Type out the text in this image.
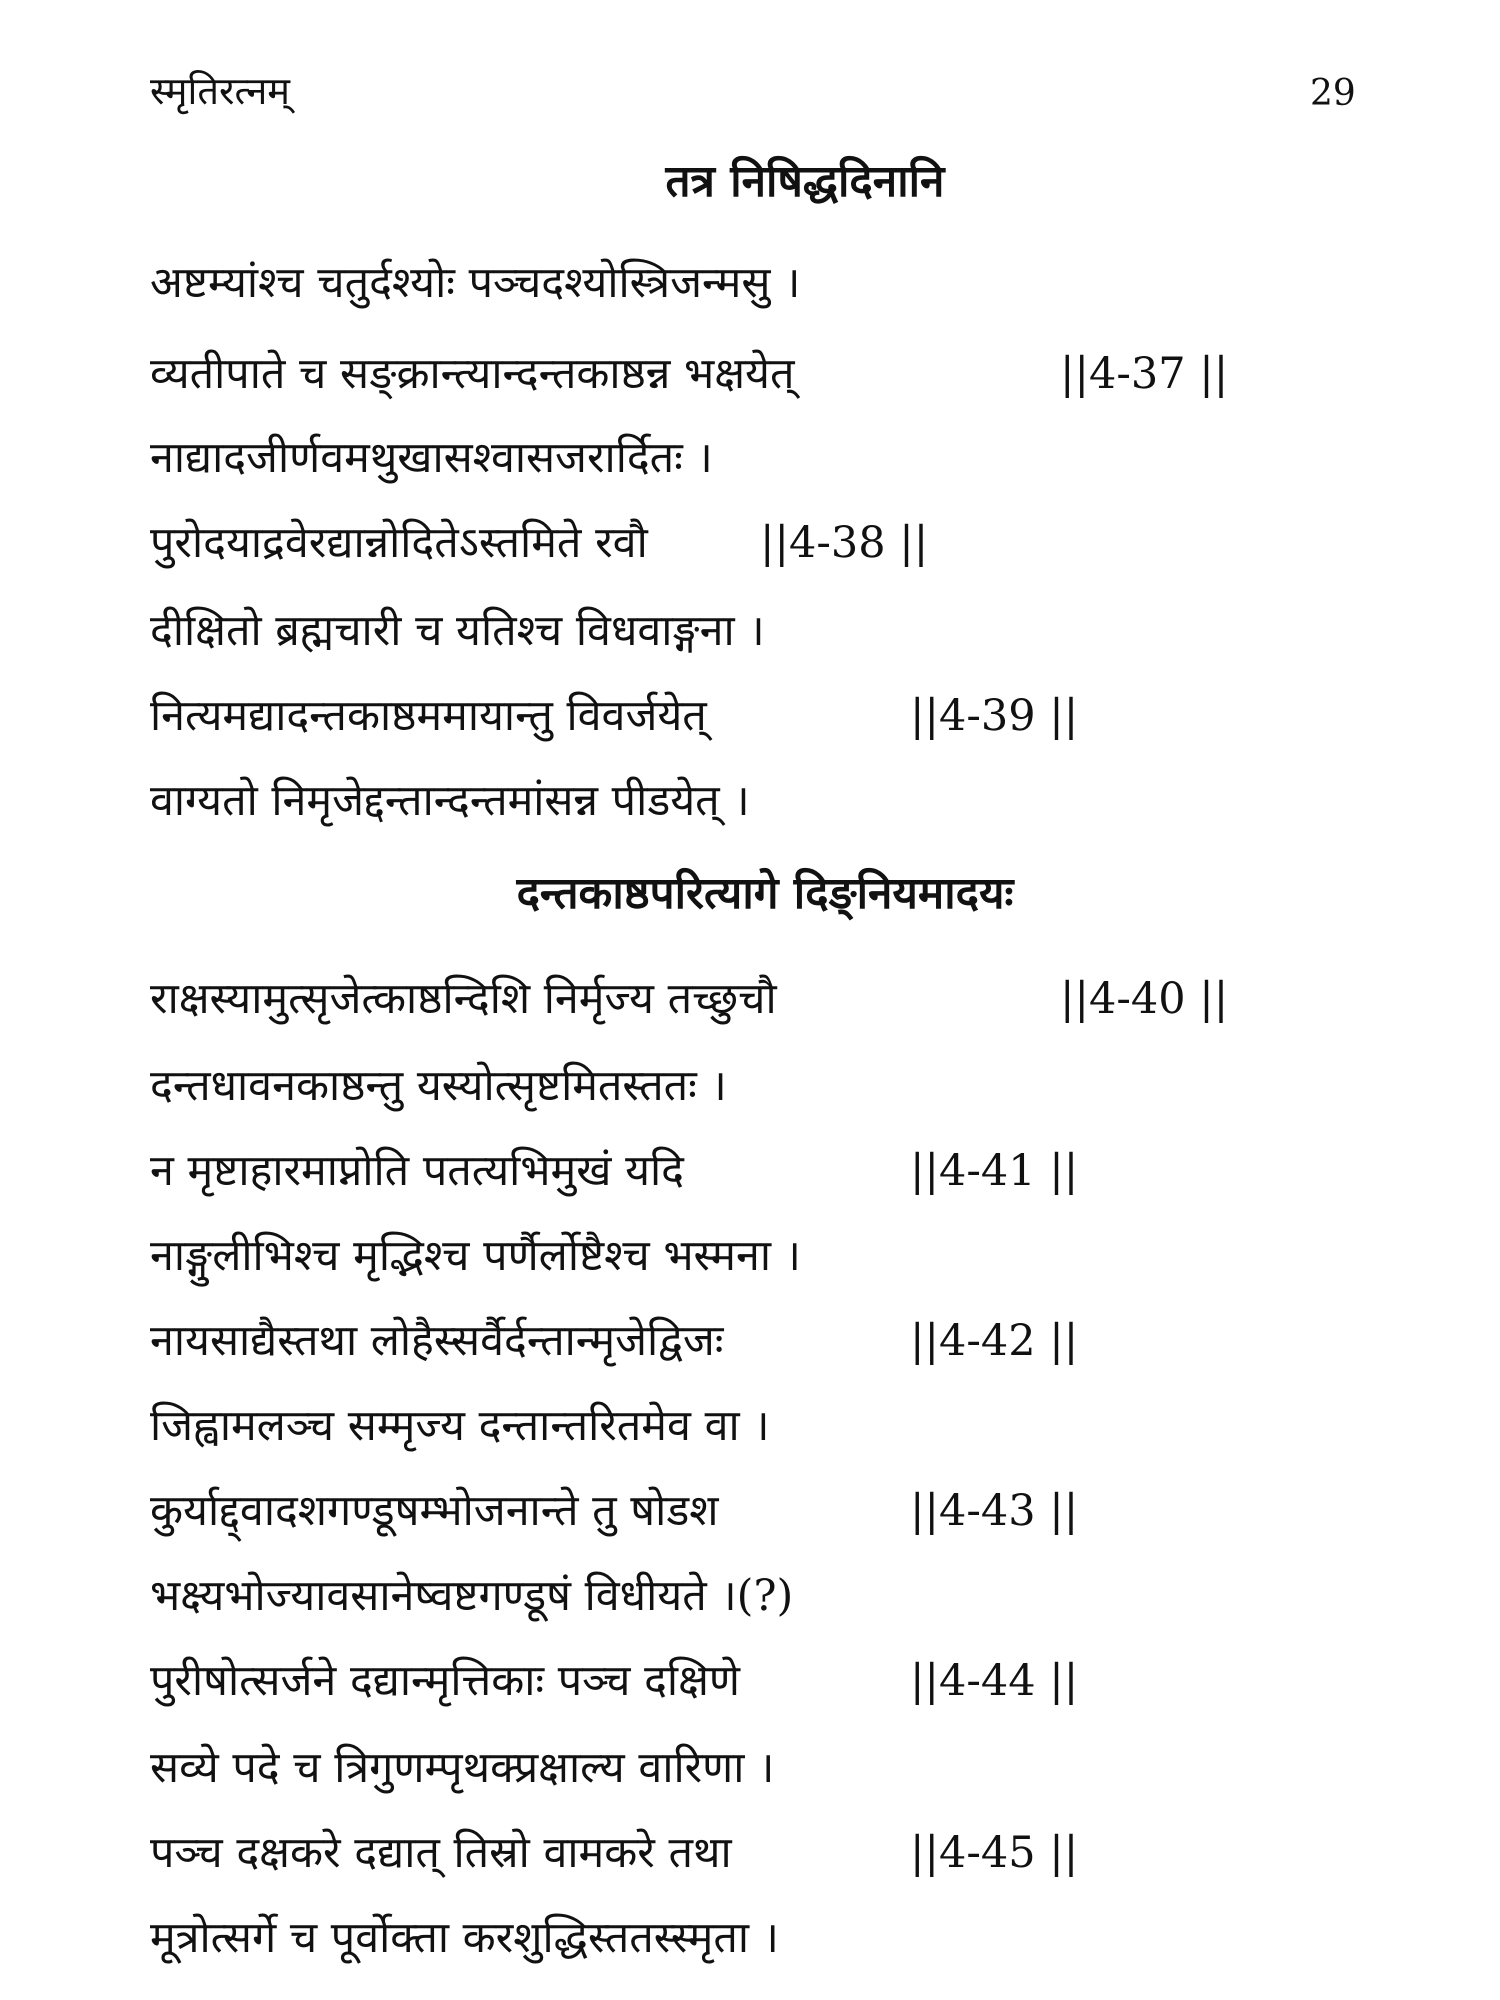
स्मृतिरत्नम्	29
तत्र निषिद्धदिनानि
अष्टम्यांश्च चतुर्दश्योः पञ्चदश्योस्त्रिजन्मसु ।
व्यतीपाते च सङ्क्रान्त्यान्दन्तकाष्ठन्न भक्षयेत्	||4-37 ||
नाद्यादजीर्णवमथुखासश्वासजरार्दितः ।
पुरोदयाद्रवेरद्यान्नोदितेऽस्तमिते रवौ	||4-38 ||
दीक्षितो ब्रह्मचारी च यतिश्च विधवाङ्गना ।
नित्यमद्यादन्तकाष्ठममायान्तु विवर्जयेत्	||4-39 ||
वाग्यतो निमृजेद्दन्तान्दन्तमांसन्न पीडयेत् ।
दन्तकाष्ठपरित्यागे दिङ्नियमादयः
राक्षस्यामुत्सृजेत्काष्ठन्दिशि निर्मृज्य तच्छुचौ	||4-40 ||
दन्तधावनकाष्ठन्तु यस्योत्सृष्टमितस्ततः ।
न मृष्टाहारमाप्नोति पतत्यभिमुखं यदि	||4-41 ||
नाङ्गुलीभिश्च मृद्भिश्च पर्णैर्लोष्टैश्च भस्मना ।
नायसाद्यैस्तथा लोहैस्सर्वैर्दन्तान्मृजेद्विजः	||4-42 ||
जिह्वामलञ्च सम्मृज्य दन्तान्तरितमेव वा ।
कुर्याद्द्वादशगण्डूषम्भोजनान्ते तु षोडश	||4-43 ||
भक्ष्यभोज्यावसानेष्वष्टगण्डूषं विधीयते ।(?)
पुरीषोत्सर्जने दद्यान्मृत्तिकाः पञ्च दक्षिणे	||4-44 ||
सव्ये पदे च त्रिगुणम्पृथक्प्रक्षाल्य वारिणा ।
पञ्च दक्षकरे दद्यात् तिस्रो वामकरे तथा	||4-45 ||
मूत्रोत्सर्गे च पूर्वोक्ता करशुद्धिस्ततस्स्मृता ।
